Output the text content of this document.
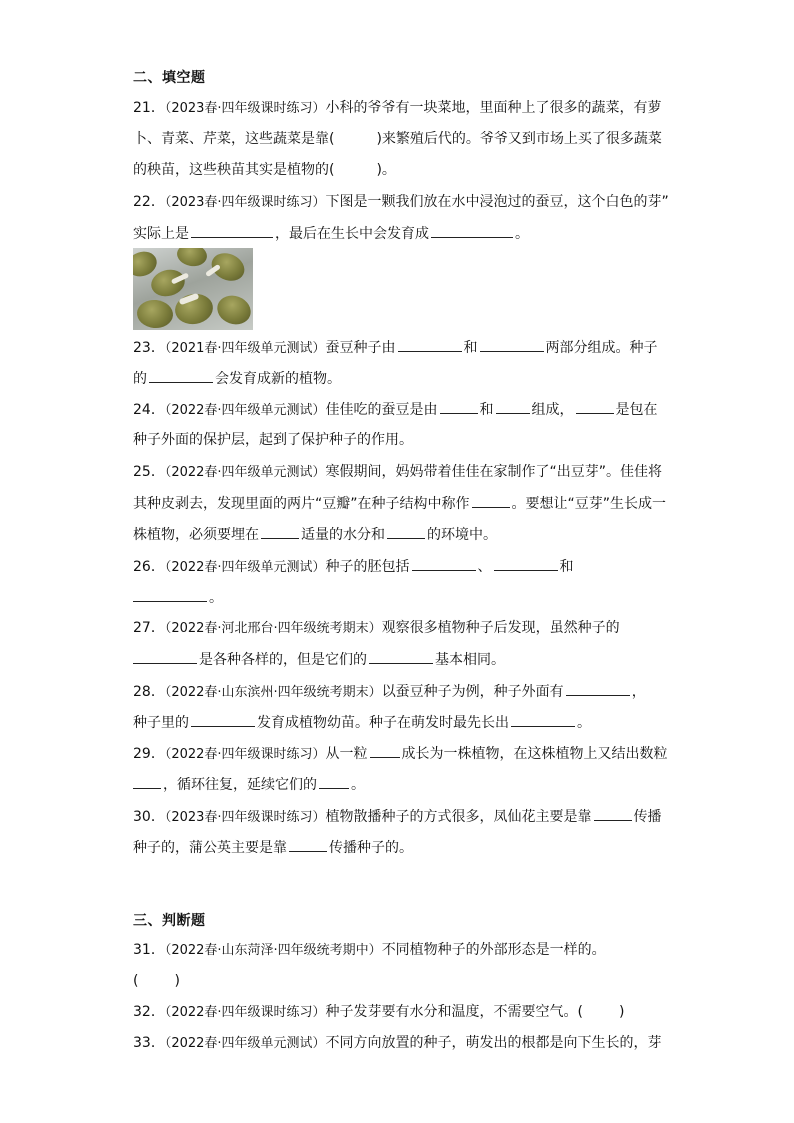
二、填空题
21．（2023春·四年级课时练习）小科的爷爷有一块菜地，里面种上了很多的蔬菜，有萝
卜、青菜、芹菜，这些蔬菜是靠(	)来繁殖后代的。爷爷又到市场上买了很多蔬菜
的秧苗，这些秧苗其实是植物的(	)。
22．（2023春·四年级课时练习）下图是一颗我们放在水中浸泡过的蚕豆，这个白色的芽”
实际上是	，最后在生长中会发育成	。
23．（2021春·四年级单元测试）蚕豆种子由	和	两部分组成。种子
的	会发育成新的植物。
24．（2022春·四年级单元测试）佳佳吃的蚕豆是由	和	组成，	是包在
种子外面的保护层，起到了保护种子的作用。
25．（2022春·四年级单元测试）寒假期间，妈妈带着佳佳在家制作了“出豆芽”。佳佳将
其种皮剥去，发现里面的两片“豆瓣”在种子结构中称作	。要想让“豆芽”生长成一
株植物，必须要埋在	适量的水分和	的环境中。
26．（2022春·四年级单元测试）种子的胚包括	、	和
。
27．（2022春·河北邢台·四年级统考期末）观察很多植物种子后发现，虽然种子的
是各种各样的，但是它们的	基本相同。
28．（2022春·山东滨州·四年级统考期末）以蚕豆种子为例，种子外面有	，
种子里的	发育成植物幼苗。种子在萌发时最先长出	。
29．（2022春·四年级课时练习）从一粒 成长为一株植物，在这株植物上又结出数粒
，循环往复，延续它们的 。
30．（2023春·四年级课时练习）植物散播种子的方式很多，凤仙花主要是靠	传播
种子的，蒲公英主要是靠	传播种子的。
三、判断题
31．（2022春·山东菏泽·四年级统考期中）不同植物种子的外部形态是一样的。
(	)
32．（2022春·四年级课时练习）种子发芽要有水分和温度，不需要空气。(	)
33．（2022春·四年级单元测试）不同方向放置的种子，萌发出的根都是向下生长的，芽
